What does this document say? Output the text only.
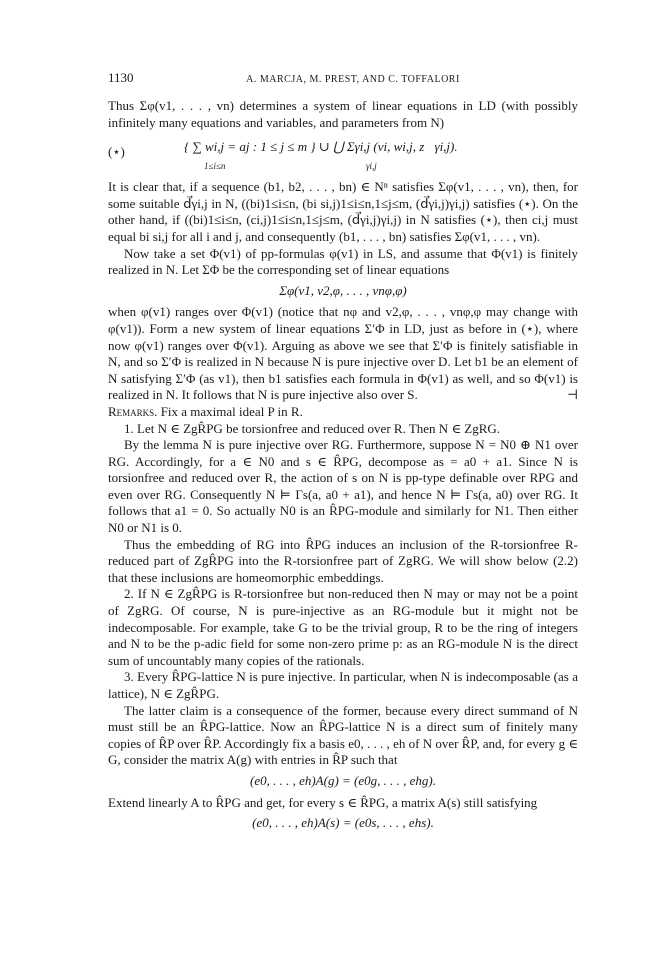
1130	A. MARCJA, M. PREST, AND C. TOFFALORI

Thus Σφ(v1, . . . , vn) determines a system of linear equations in LD (with possibly infinitely many equations and variables, and parameters from N)

(⋆)	{ ∑ wi,j = aj : 1 ≤ j ≤ m } ∪ ⋃ Σγi,j (vi, wi,j, z⃗γi,j).
1≤i≤n	γi,j

It is clear that, if a sequence (b1, b2, . . . , bn) ∈ Nⁿ satisfies Σφ(v1, . . . , vn), then, for some suitable d⃗γi,j in N, ((bi)1≤i≤n, (bi si,j)1≤i≤n,1≤j≤m, (d⃗γi,j)γi,j) satisfies (⋆). On the other hand, if ((bi)1≤i≤n, (ci,j)1≤i≤n,1≤j≤m, (d⃗γi,j)γi,j) in N satisfies (⋆), then ci,j must equal bi si,j for all i and j, and consequently (b1, . . . , bn) satisfies Σφ(v1, . . . , vn).

Now take a set Φ(v1) of pp-formulas φ(v1) in LS, and assume that Φ(v1) is finitely realized in N. Let ΣΦ be the corresponding set of linear equations

Σφ(v1, v2,φ, . . . , vnφ,φ)

when φ(v1) ranges over Φ(v1) (notice that nφ and v2,φ, . . . , vnφ,φ may change with φ(v1)). Form a new system of linear equations Σ′Φ in LD, just as before in (⋆), where now φ(v1) ranges over Φ(v1). Arguing as above we see that Σ′Φ is finitely satisfiable in N, and so Σ′Φ is realized in N because N is pure injective over D. Let b1 be an element of N satisfying Σ′Φ (as v1), then b1 satisfies each formula in Φ(v1) as well, and so Φ(v1) is realized in N. It follows that N is pure injective also over S.	⊣

Remarks. Fix a maximal ideal P in R.

1. Let N ∈ ZgR̂PG be torsionfree and reduced over R. Then N ∈ ZgRG.

By the lemma N is pure injective over RG. Furthermore, suppose N = N0 ⊕ N1 over RG. Accordingly, for a ∈ N0 and s ∈ R̂PG, decompose as = a0 + a1. Since N is torsionfree and reduced over R, the action of s on N is pp-type definable over RPG and even over RG. Consequently N ⊨ Γs(a, a0 + a1), and hence N ⊨ Γs(a, a0) over RG. It follows that a1 = 0. So actually N0 is an R̂PG-module and similarly for N1. Then either N0 or N1 is 0.

Thus the embedding of RG into R̂PG induces an inclusion of the R-torsionfree R-reduced part of ZgR̂PG into the R-torsionfree part of ZgRG. We will show below (2.2) that these inclusions are homeomorphic embeddings.

2. If N ∈ ZgR̂PG is R-torsionfree but non-reduced then N may or may not be a point of ZgRG. Of course, N is pure-injective as an RG-module but it might not be indecomposable. For example, take G to be the trivial group, R to be the ring of integers and N to be the p-adic field for some non-zero prime p: as an RG-module N is the direct sum of uncountably many copies of the rationals.

3. Every R̂PG-lattice N is pure injective. In particular, when N is indecomposable (as a lattice), N ∈ ZgR̂PG.

The latter claim is a consequence of the former, because every direct summand of N must still be an R̂PG-lattice. Now an R̂PG-lattice N is a direct sum of finitely many copies of R̂P over R̂P. Accordingly fix a basis e0, . . . , eh of N over R̂P, and, for every g ∈ G, consider the matrix A(g) with entries in R̂P such that

(e0, . . . , eh)A(g) = (e0g, . . . , ehg).

Extend linearly A to R̂PG and get, for every s ∈ R̂PG, a matrix A(s) still satisfying

(e0, . . . , eh)A(s) = (e0s, . . . , ehs).
